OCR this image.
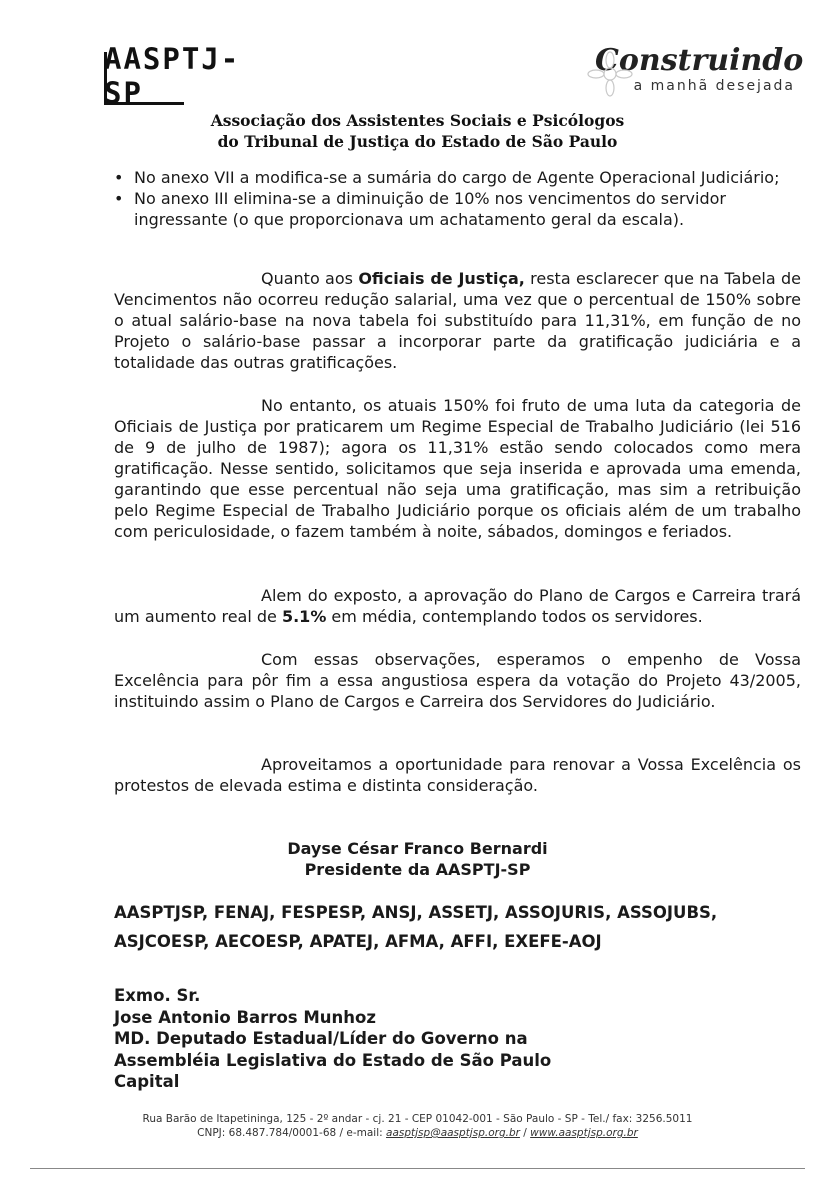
AASPTJ-SP
Construindo
a manhã desejada
Associação dos Assistentes Sociais e Psicólogos
do Tribunal de Justiça do Estado de São Paulo
• No anexo VII a modifica-se a sumária do cargo de Agente Operacional Judiciário;
• No anexo III elimina-se a diminuição de 10% nos vencimentos do servidor ingressante (o que proporcionava um achatamento geral da escala).

Quanto aos Oficiais de Justiça, resta esclarecer que na Tabela de Vencimentos não ocorreu redução salarial, uma vez que o percentual de 150% sobre o atual salário-base na nova tabela foi substituído para 11,31%, em função de no Projeto o salário-base passar a incorporar parte da gratificação judiciária e a totalidade das outras gratificações.

No entanto, os atuais 150% foi fruto de uma luta da categoria de Oficiais de Justiça por praticarem um Regime Especial de Trabalho Judiciário (lei 516 de 9 de julho de 1987); agora os 11,31% estão sendo colocados como mera gratificação. Nesse sentido, solicitamos que seja inserida e aprovada uma emenda, garantindo que esse percentual não seja uma gratificação, mas sim a retribuição pelo Regime Especial de Trabalho Judiciário porque os oficiais além de um trabalho com periculosidade, o fazem também à noite, sábados, domingos e feriados.

Alem do exposto, a aprovação do Plano de Cargos e Carreira trará um aumento real de 5.1% em média, contemplando todos os servidores.

Com essas observações, esperamos o empenho de Vossa Excelência para pôr fim a essa angustiosa espera da votação do Projeto 43/2005, instituindo assim o Plano de Cargos e Carreira dos Servidores do Judiciário.

Aproveitamos a oportunidade para renovar a Vossa Excelência os protestos de elevada estima e distinta consideração.

Dayse César Franco Bernardi
Presidente da AASPTJ-SP
AASPTJSP, FENAJ, FESPESP, ANSJ, ASSETJ, ASSOJURIS, ASSOJUBS,
ASJCOESP, AECOESP, APATEJ, AFMA, AFFI, EXEFE-AOJ
Exmo. Sr.
Jose Antonio Barros Munhoz
MD. Deputado Estadual/Líder do Governo na
Assembléia Legislativa do Estado de São Paulo
Capital
Rua Barão de Itapetininga, 125 - 2º andar - cj. 21 - CEP 01042-001 - São Paulo - SP - Tel./ fax: 3256.5011
CNPJ: 68.487.784/0001-68 / e-mail: aasptjsp@aasptjsp.org.br / www.aasptjsp.org.br
